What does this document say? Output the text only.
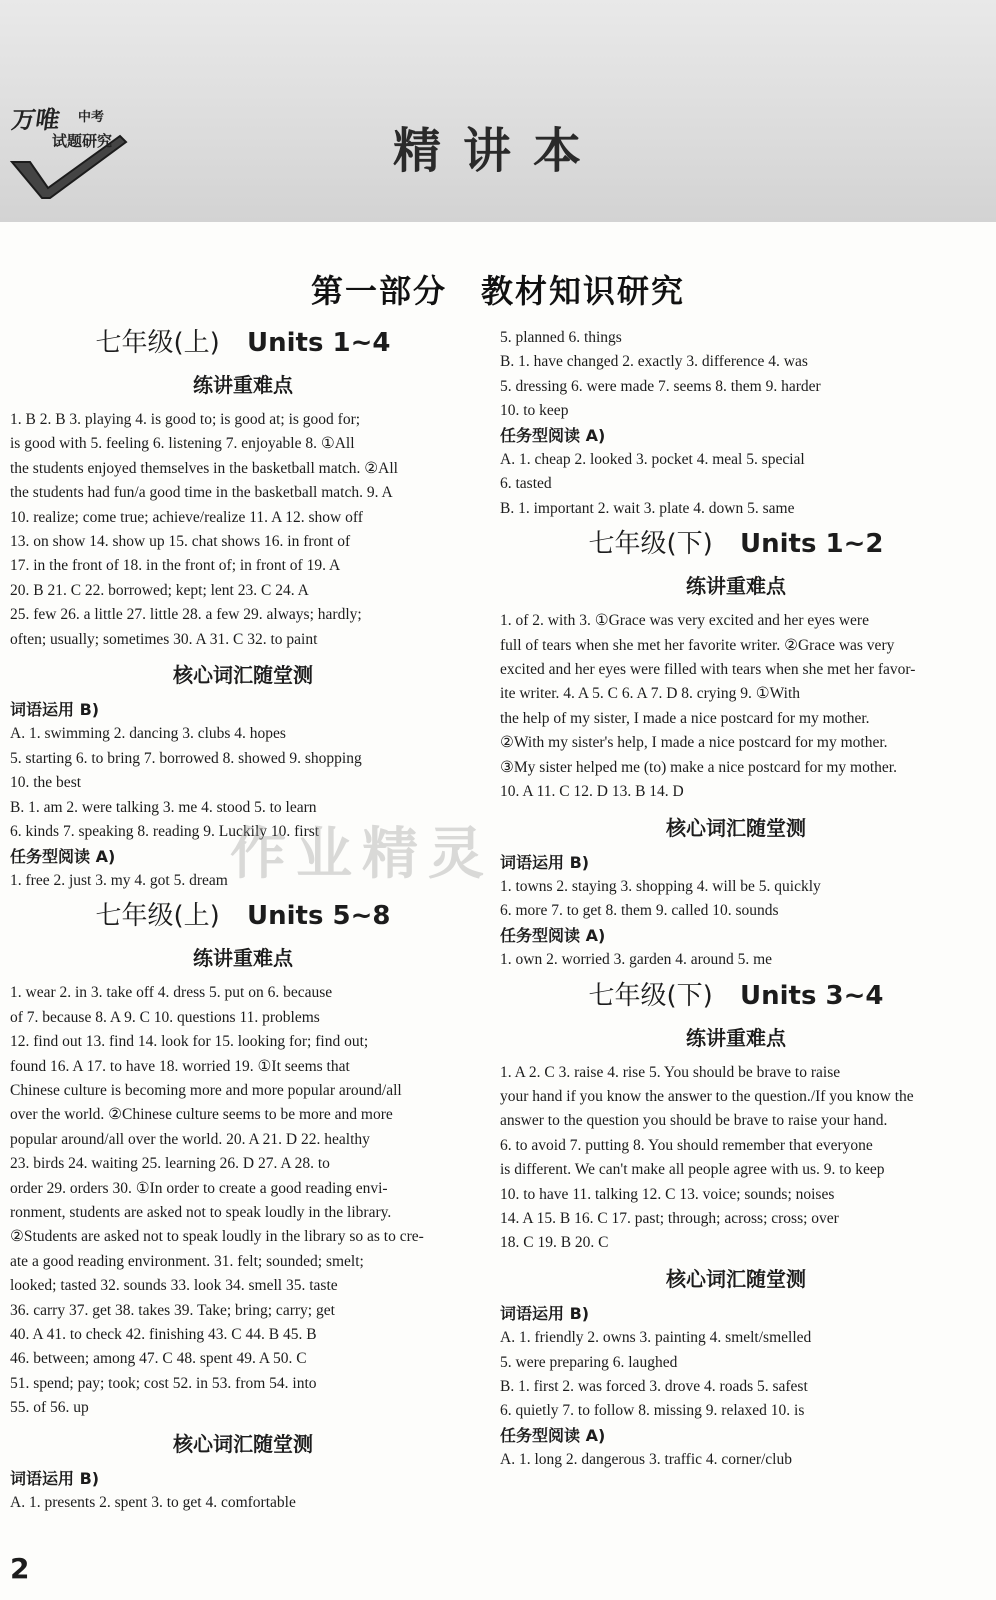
万唯 中考
试题研究	精讲本
第一部分　教材知识研究
七年级(上) Units 1~4
练讲重难点
1. B 2. B 3. playing 4. is good to; is good at; is good for;
is good with 5. feeling 6. listening 7. enjoyable 8. ①All
the students enjoyed themselves in the basketball match. ②All
the students had fun/a good time in the basketball match. 9. A
10. realize; come true; achieve/realize 11. A 12. show off
13. on show 14. show up 15. chat shows 16. in front of
17. in the front of 18. in the front of; in front of 19. A
20. B 21. C 22. borrowed; kept; lent 23. C 24. A
25. few 26. a little 27. little 28. a few 29. always; hardly;
often; usually; sometimes 30. A 31. C 32. to paint
核心词汇随堂测
词语运用 B)
A. 1. swimming 2. dancing 3. clubs 4. hopes
5. starting 6. to bring 7. borrowed 8. showed 9. shopping
10. the best
B. 1. am 2. were talking 3. me 4. stood 5. to learn
6. kinds 7. speaking 8. reading 9. Luckily 10. first
任务型阅读 A)
1. free 2. just 3. my 4. got 5. dream
七年级(上) Units 5~8
练讲重难点
1. wear 2. in 3. take off 4. dress 5. put on 6. because
of 7. because 8. A 9. C 10. questions 11. problems
12. find out 13. find 14. look for 15. looking for; find out;
found 16. A 17. to have 18. worried 19. ①It seems that
Chinese culture is becoming more and more popular around/all
over the world. ②Chinese culture seems to be more and more
popular around/all over the world. 20. A 21. D 22. healthy
23. birds 24. waiting 25. learning 26. D 27. A 28. to
order 29. orders 30. ①In order to create a good reading envi-
ronment, students are asked not to speak loudly in the library.
②Students are asked not to speak loudly in the library so as to cre-
ate a good reading environment. 31. felt; sounded; smelt;
looked; tasted 32. sounds 33. look 34. smell 35. taste
36. carry 37. get 38. takes 39. Take; bring; carry; get
40. A 41. to check 42. finishing 43. C 44. B 45. B
46. between; among 47. C 48. spent 49. A 50. C
51. spend; pay; took; cost 52. in 53. from 54. into
55. of 56. up
核心词汇随堂测
词语运用 B)
A. 1. presents 2. spent 3. to get 4. comfortable
5. planned 6. things
B. 1. have changed 2. exactly 3. difference 4. was
5. dressing 6. were made 7. seems 8. them 9. harder
10. to keep
任务型阅读 A)
A. 1. cheap 2. looked 3. pocket 4. meal 5. special
6. tasted
B. 1. important 2. wait 3. plate 4. down 5. same
七年级(下) Units 1~2
练讲重难点
1. of 2. with 3. ①Grace was very excited and her eyes were
full of tears when she met her favorite writer. ②Grace was very
excited and her eyes were filled with tears when she met her favor-
ite writer. 4. A 5. C 6. A 7. D 8. crying 9. ①With
the help of my sister, I made a nice postcard for my mother.
②With my sister's help, I made a nice postcard for my mother.
③My sister helped me (to) make a nice postcard for my mother.
10. A 11. C 12. D 13. B 14. D
核心词汇随堂测
词语运用 B)
1. towns 2. staying 3. shopping 4. will be 5. quickly
6. more 7. to get 8. them 9. called 10. sounds
任务型阅读 A)
1. own 2. worried 3. garden 4. around 5. me
七年级(下) Units 3~4
练讲重难点
1. A 2. C 3. raise 4. rise 5. You should be brave to raise
your hand if you know the answer to the question./If you know the
answer to the question you should be brave to raise your hand.
6. to avoid 7. putting 8. You should remember that everyone
is different. We can't make all people agree with us. 9. to keep
10. to have 11. talking 12. C 13. voice; sounds; noises
14. A 15. B 16. C 17. past; through; across; cross; over
18. C 19. B 20. C
核心词汇随堂测
词语运用 B)
A. 1. friendly 2. owns 3. painting 4. smelt/smelled
5. were preparing 6. laughed
B. 1. first 2. was forced 3. drove 4. roads 5. safest
6. quietly 7. to follow 8. missing 9. relaxed 10. is
任务型阅读 A)
A. 1. long 2. dangerous 3. traffic 4. corner/club
作业精灵
2
